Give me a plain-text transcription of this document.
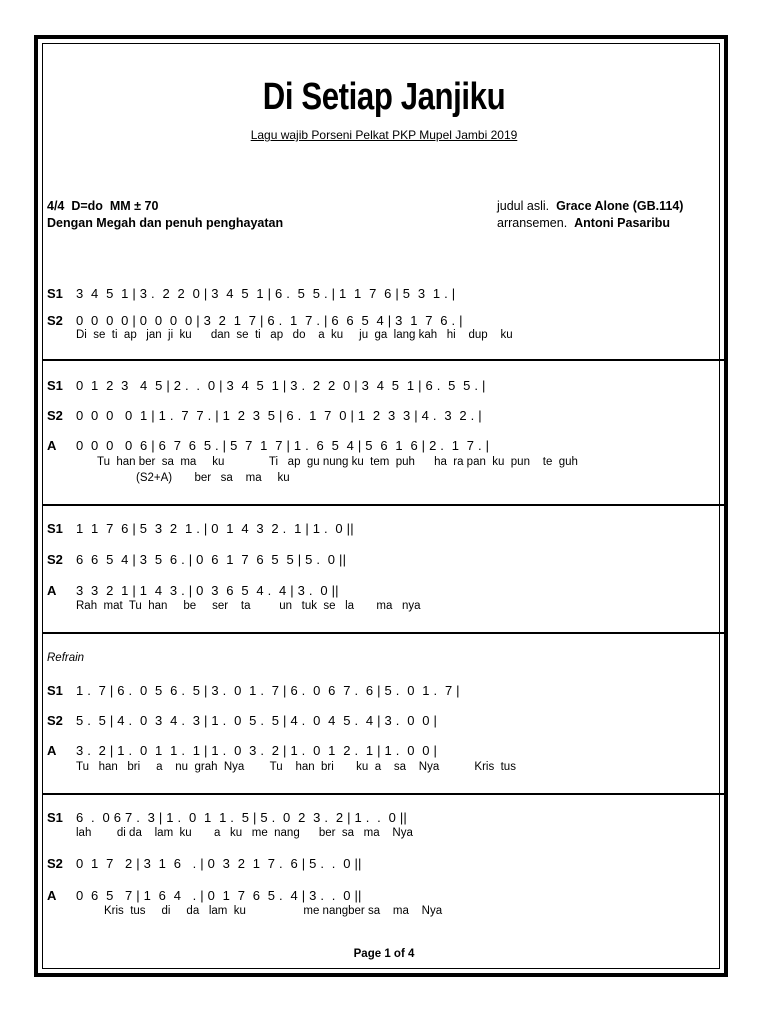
Di Setiap Janjiku
Lagu wajib Porseni Pelkat PKP Mupel Jambi 2019
4/4  D=do  MM ± 70
Dengan Megah dan penuh penghayatan
judul asli. Grace Alone (GB.114)
arransemen. Antoni Pasaribu
S1 3  4  5  1 | 3 .  2  2  0 | 3  4  5  1 | 6 .  5  5 . | 1  1  7  6 | 5  3  1 . |
S2 0  0  0  0 | 0  0  0  0 | 3  2  1  7 | 6 .  1  7 . | 6  6  5  4 | 3  1  7  6 . |
Di  se  ti  ap   jan  ji  ku      dan  se  ti   ap   do    a  ku     ju  ga  lang kah   hi    dup    ku
S1 0  1  2  3   4  5 | 2 .  .  0 | 3  4  5  1 | 3 .  2  2  0 | 3  4  5  1 | 6 .  5  5 . |
S2 0  0  0   0  1 | 1 .  7  7 . | 1  2  3  5 | 6 .  1  7  0 | 1  2  3  3 | 4 .  3  2 . |
A 0  0  0   0  6 | 6  7  6  5 . | 5  7  1  7 | 1 .  6  5  4 | 5  6  1  6 | 2 .  1  7 . |
Tu  han ber  sa  ma     ku              Ti   ap  gu nung ku  tem  puh      ha  ra pan  ku  pun    te  guh
(S2+A)       ber   sa    ma     ku
S1 1  1  7  6 | 5  3  2  1 . | 0  1  4  3  2 .  1 | 1 .  0 ||
S2 6  6  5  4 | 3  5  6 . | 0  6  1  7  6  5  5 | 5 .  0 ||
A 3  3  2  1 | 1  4  3 . | 0  3  6  5  4 .  4 | 3 .  0 ||
Rah  mat  Tu  han     be     ser    ta         un   tuk  se   la       ma   nya
Refrain
S1 1 .  7 | 6 .  0  5  6 .  5 | 3 .  0  1 .  7 | 6 .  0  6  7 .  6 | 5 .  0  1 .  7 |
S2 5 .  5 | 4 .  0  3  4 .  3 | 1 .  0  5 .  5 | 4 .  0  4  5 .  4 | 3 .  0  0 |
A 3 .  2 | 1 .  0  1  1 .  1 | 1 .  0  3 .  2 | 1 .  0  1  2 .  1 | 1 .  0  0 |
Tu   han   bri     a    nu  grah  Nya        Tu    han  bri       ku  a    sa    Nya           Kris  tus
S1 6  .  0 6 7 .  3 | 1 .  0  1  1 .  5 | 5 .  0  2  3 .  2 | 1 .  .  0 ||
lah        di da    lam  ku       a   ku   me  nang      ber  sa   ma    Nya
S2 0  1  7   2 | 3  1  6   . | 0  3  2  1  7 .  6 | 5 .  .  0 ||
A 0  6  5   7 | 1  6  4   . | 0  1  7  6  5 .  4 | 3 .  .  0 ||
Kris  tus     di     da   lam  ku                  me nangber sa    ma    Nya
Page 1 of 4
